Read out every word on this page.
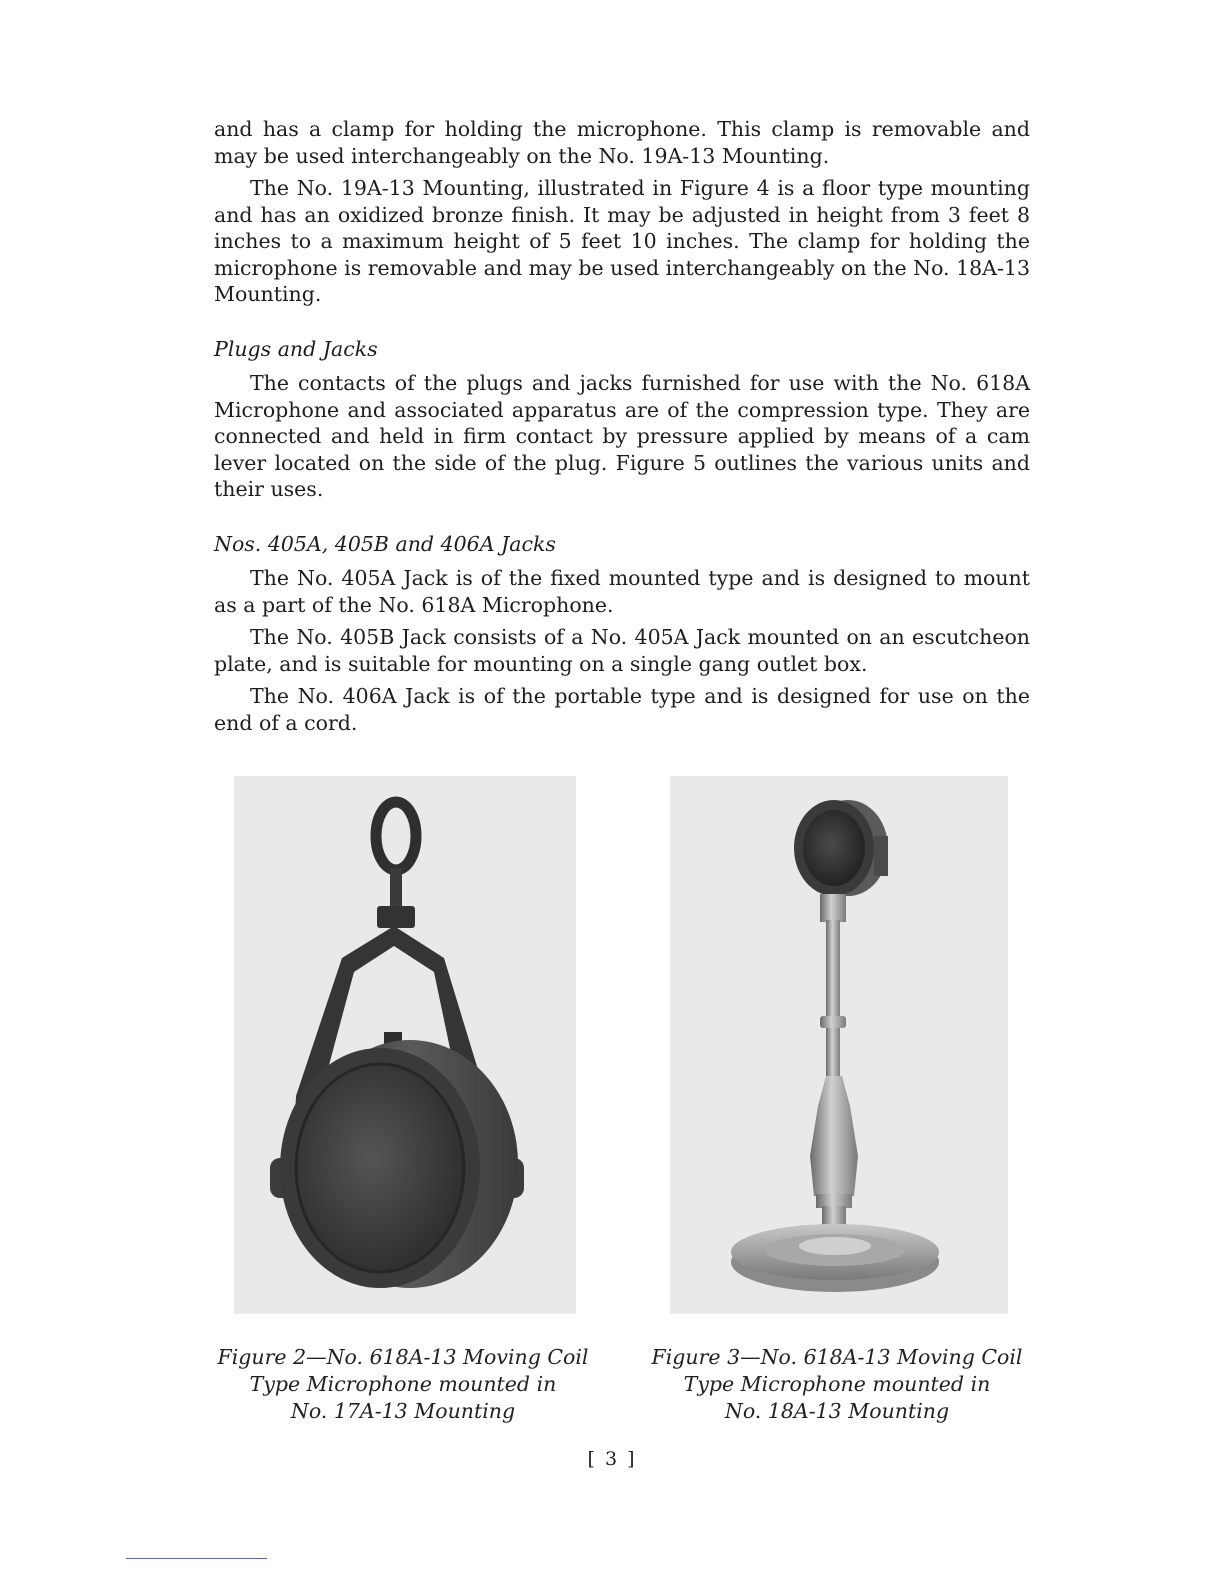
and has a clamp for holding the microphone. This clamp is removable and may be used interchangeably on the No. 19A-13 Mounting.

The No. 19A-13 Mounting, illustrated in Figure 4 is a floor type mounting and has an oxidized bronze finish. It may be adjusted in height from 3 feet 8 inches to a maximum height of 5 feet 10 inches. The clamp for holding the microphone is removable and may be used interchangeably on the No. 18A-13 Mounting.

Plugs and Jacks

The contacts of the plugs and jacks furnished for use with the No. 618A Microphone and associated apparatus are of the compression type. They are connected and held in firm contact by pressure applied by means of a cam lever located on the side of the plug. Figure 5 outlines the various units and their uses.

Nos. 405A, 405B and 406A Jacks

The No. 405A Jack is of the fixed mounted type and is designed to mount as a part of the No. 618A Microphone.

The No. 405B Jack consists of a No. 405A Jack mounted on an escutcheon plate, and is suitable for mounting on a single gang outlet box.

The No. 406A Jack is of the portable type and is designed for use on the end of a cord.

Figure 2—No. 618A-13 Moving Coil
Type Microphone mounted in
No. 17A-13 Mounting
Figure 3—No. 618A-13 Moving Coil
Type Microphone mounted in
No. 18A-13 Mounting
[ 3 ]
